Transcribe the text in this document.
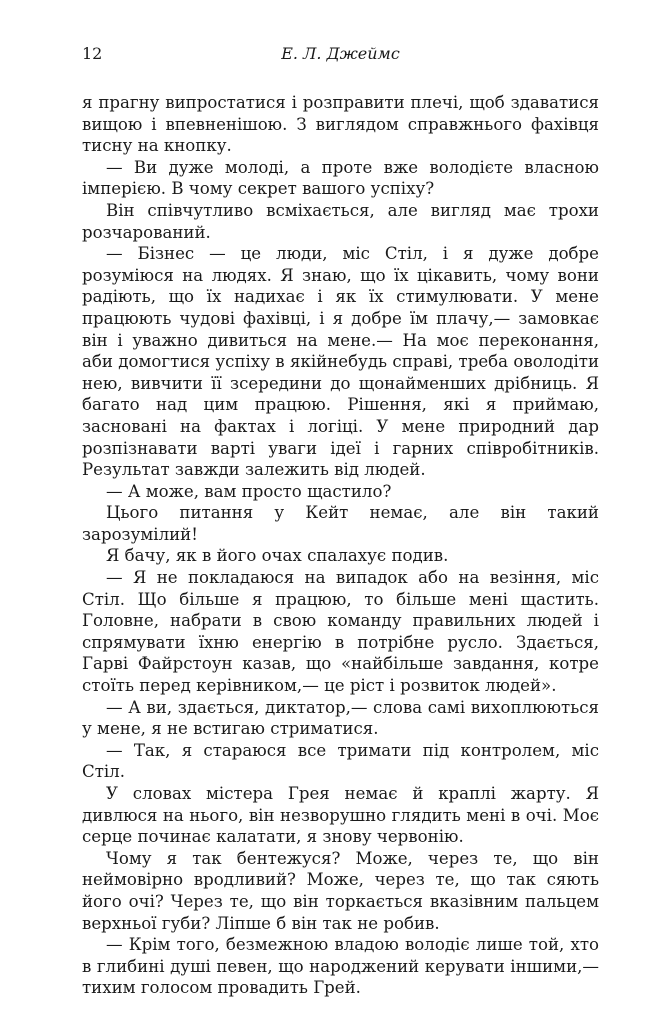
12	Е. Л. Джеймс

я прагну випростатися і розправити плечі, щоб здаватися вищою і впевненішою. З виглядом справжнього фахівця тисну на кнопку.

— Ви дуже молоді, а проте вже володієте власною імперією. В чому секрет вашого успіху?

Він співчутливо всміхається, але вигляд має трохи розчарований.

— Бізнес — це люди, міс Стіл, і я дуже добре розуміюся на людях. Я знаю, що їх цікавить, чому вони радіють, що їх надихає і як їх стимулювати. У мене працюють чудові фахівці, і я добре їм плачу,— замовкає він і уважно дивиться на мене.— На моє переконання, аби домогтися успіху в якійнебудь справі, треба оволодіти нею, вивчити її зсередини до щонайменших дрібниць. Я багато над цим працюю. Рішення, які я приймаю, засновані на фактах і логіці. У мене природний дар розпізнавати варті уваги ідеї і гарних співробітників. Результат завжди залежить від людей.

— А може, вам просто щастило?

Цього питання у Кейт немає, але він такий зарозумілий!

Я бачу, як в його очах спалахує подив.

— Я не покладаюся на випадок або на везіння, міс Стіл. Що більше я працюю, то більше мені щастить. Головне, набрати в свою команду правильних людей і спрямувати їхню енергію в потрібне русло. Здається, Гарві Файрстоун казав, що «найбільше завдання, котре стоїть перед керівником,— це ріст і розвиток людей».

— А ви, здається, диктатор,— слова самі вихоплюються у мене, я не встигаю стриматися.

— Так, я стараюся все тримати під контролем, міс Стіл.

У словах містера Грея немає й краплі жарту. Я дивлюся на нього, він незворушно глядить мені в очі. Моє серце починає калатати, я знову червонію.

Чому я так бентежуся? Може, через те, що він неймовірно вродливий? Може, через те, що так сяють його очі? Через те, що він торкається вказівним пальцем верхньої губи? Ліпше б він так не робив.

— Крім того, безмежною владою володіє лише той, хто в глибині душі певен, що народжений керувати іншими,— тихим голосом провадить Грей.
